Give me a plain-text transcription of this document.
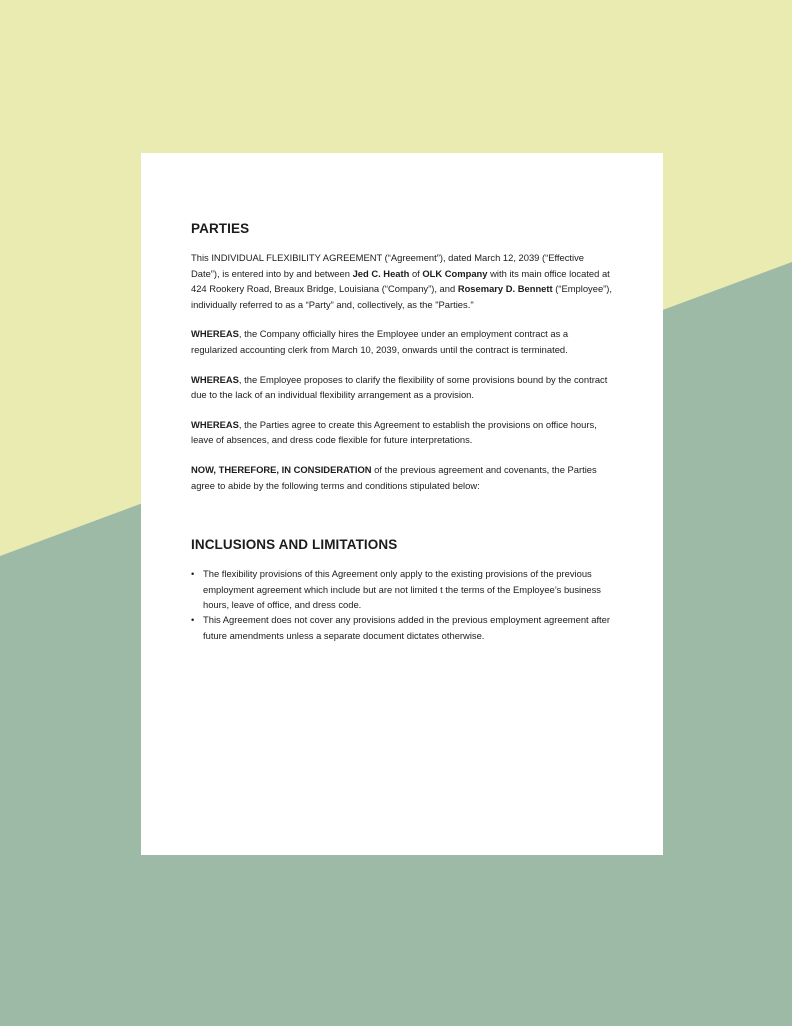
PARTIES

This INDIVIDUAL FLEXIBILITY AGREEMENT (“Agreement”), dated March 12, 2039 (“Effective Date”), is entered into by and between Jed C. Heath of OLK Company with its main office located at 424 Rookery Road, Breaux Bridge, Louisiana (“Company”), and Rosemary D. Bennett (“Employee”), individually referred to as a “Party” and, collectively, as the "Parties."

WHEREAS, the Company officially hires the Employee under an employment contract as a regularized accounting clerk from March 10, 2039, onwards until the contract is terminated.

WHEREAS, the Employee proposes to clarify the flexibility of some provisions bound by the contract due to the lack of an individual flexibility arrangement as a provision.

WHEREAS, the Parties agree to create this Agreement to establish the provisions on office hours, leave of absences, and dress code flexible for future interpretations.

NOW, THEREFORE, IN CONSIDERATION of the previous agreement and covenants, the Parties agree to abide by the following terms and conditions stipulated below:

INCLUSIONS AND LIMITATIONS
• The flexibility provisions of this Agreement only apply to the existing provisions of the previous employment agreement which include but are not limited t the terms of the Employee’s business hours, leave of office, and dress code.
• This Agreement does not cover any provisions added in the previous employment agreement after future amendments unless a separate document dictates otherwise.
